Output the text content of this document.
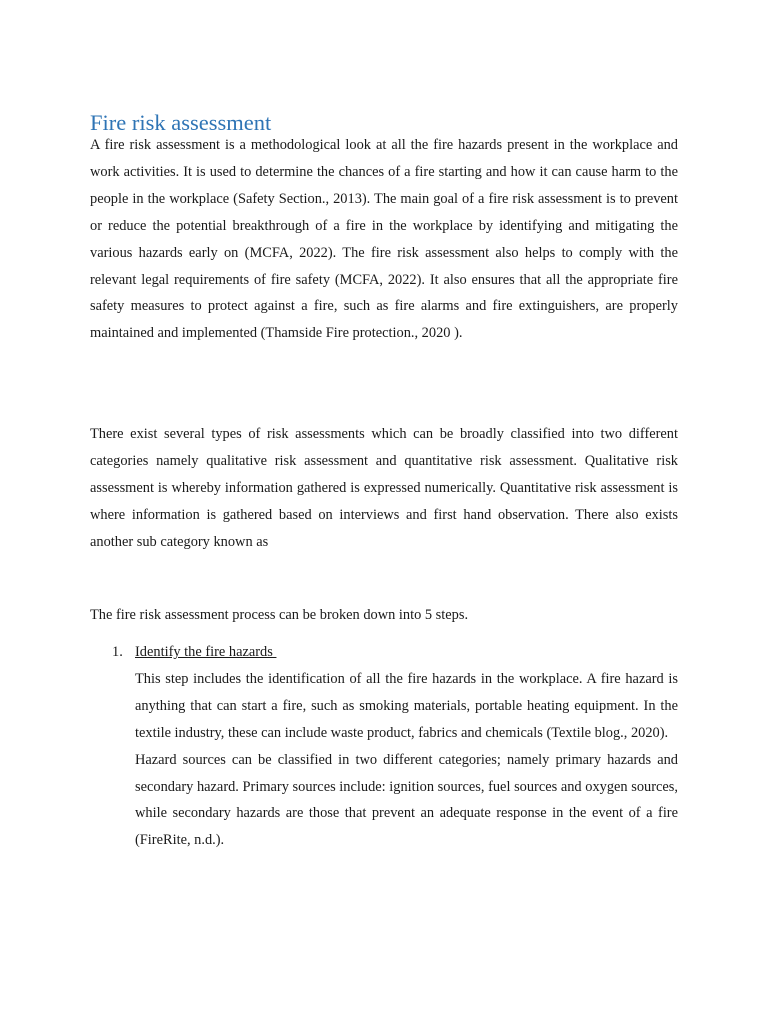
Fire risk assessment

A fire risk assessment is a methodological look at all the fire hazards present in the workplace and work activities. It is used to determine the chances of a fire starting and how it can cause harm to the people in the workplace (Safety Section., 2013). The main goal of a fire risk assessment is to prevent or reduce the potential breakthrough of a fire in the workplace by identifying and mitigating the various hazards early on (MCFA, 2022). The fire risk assessment also helps to comply with the relevant legal requirements of fire safety (MCFA, 2022). It also ensures that all the appropriate fire safety measures to protect against a fire, such as fire alarms and fire extinguishers, are properly maintained and implemented (Thamside Fire protection., 2020 ).

There exist several types of risk assessments which can be broadly classified into two different categories namely qualitative risk assessment and quantitative risk assessment. Qualitative risk assessment is whereby information gathered is expressed numerically. Quantitative risk assessment is where information is gathered based on interviews and first hand observation. There also exists another sub category known as

The fire risk assessment process can be broken down into 5 steps.

1. Identify the fire hazards

This step includes the identification of all the fire hazards in the workplace. A fire hazard is anything that can start a fire, such as smoking materials, portable heating equipment. In the textile industry, these can include waste product, fabrics and chemicals (Textile blog., 2020).

Hazard sources can be classified in two different categories; namely primary hazards and secondary hazard. Primary sources include: ignition sources, fuel sources and oxygen sources, while secondary hazards are those that prevent an adequate response in the event of a fire (FireRite, n.d.).
